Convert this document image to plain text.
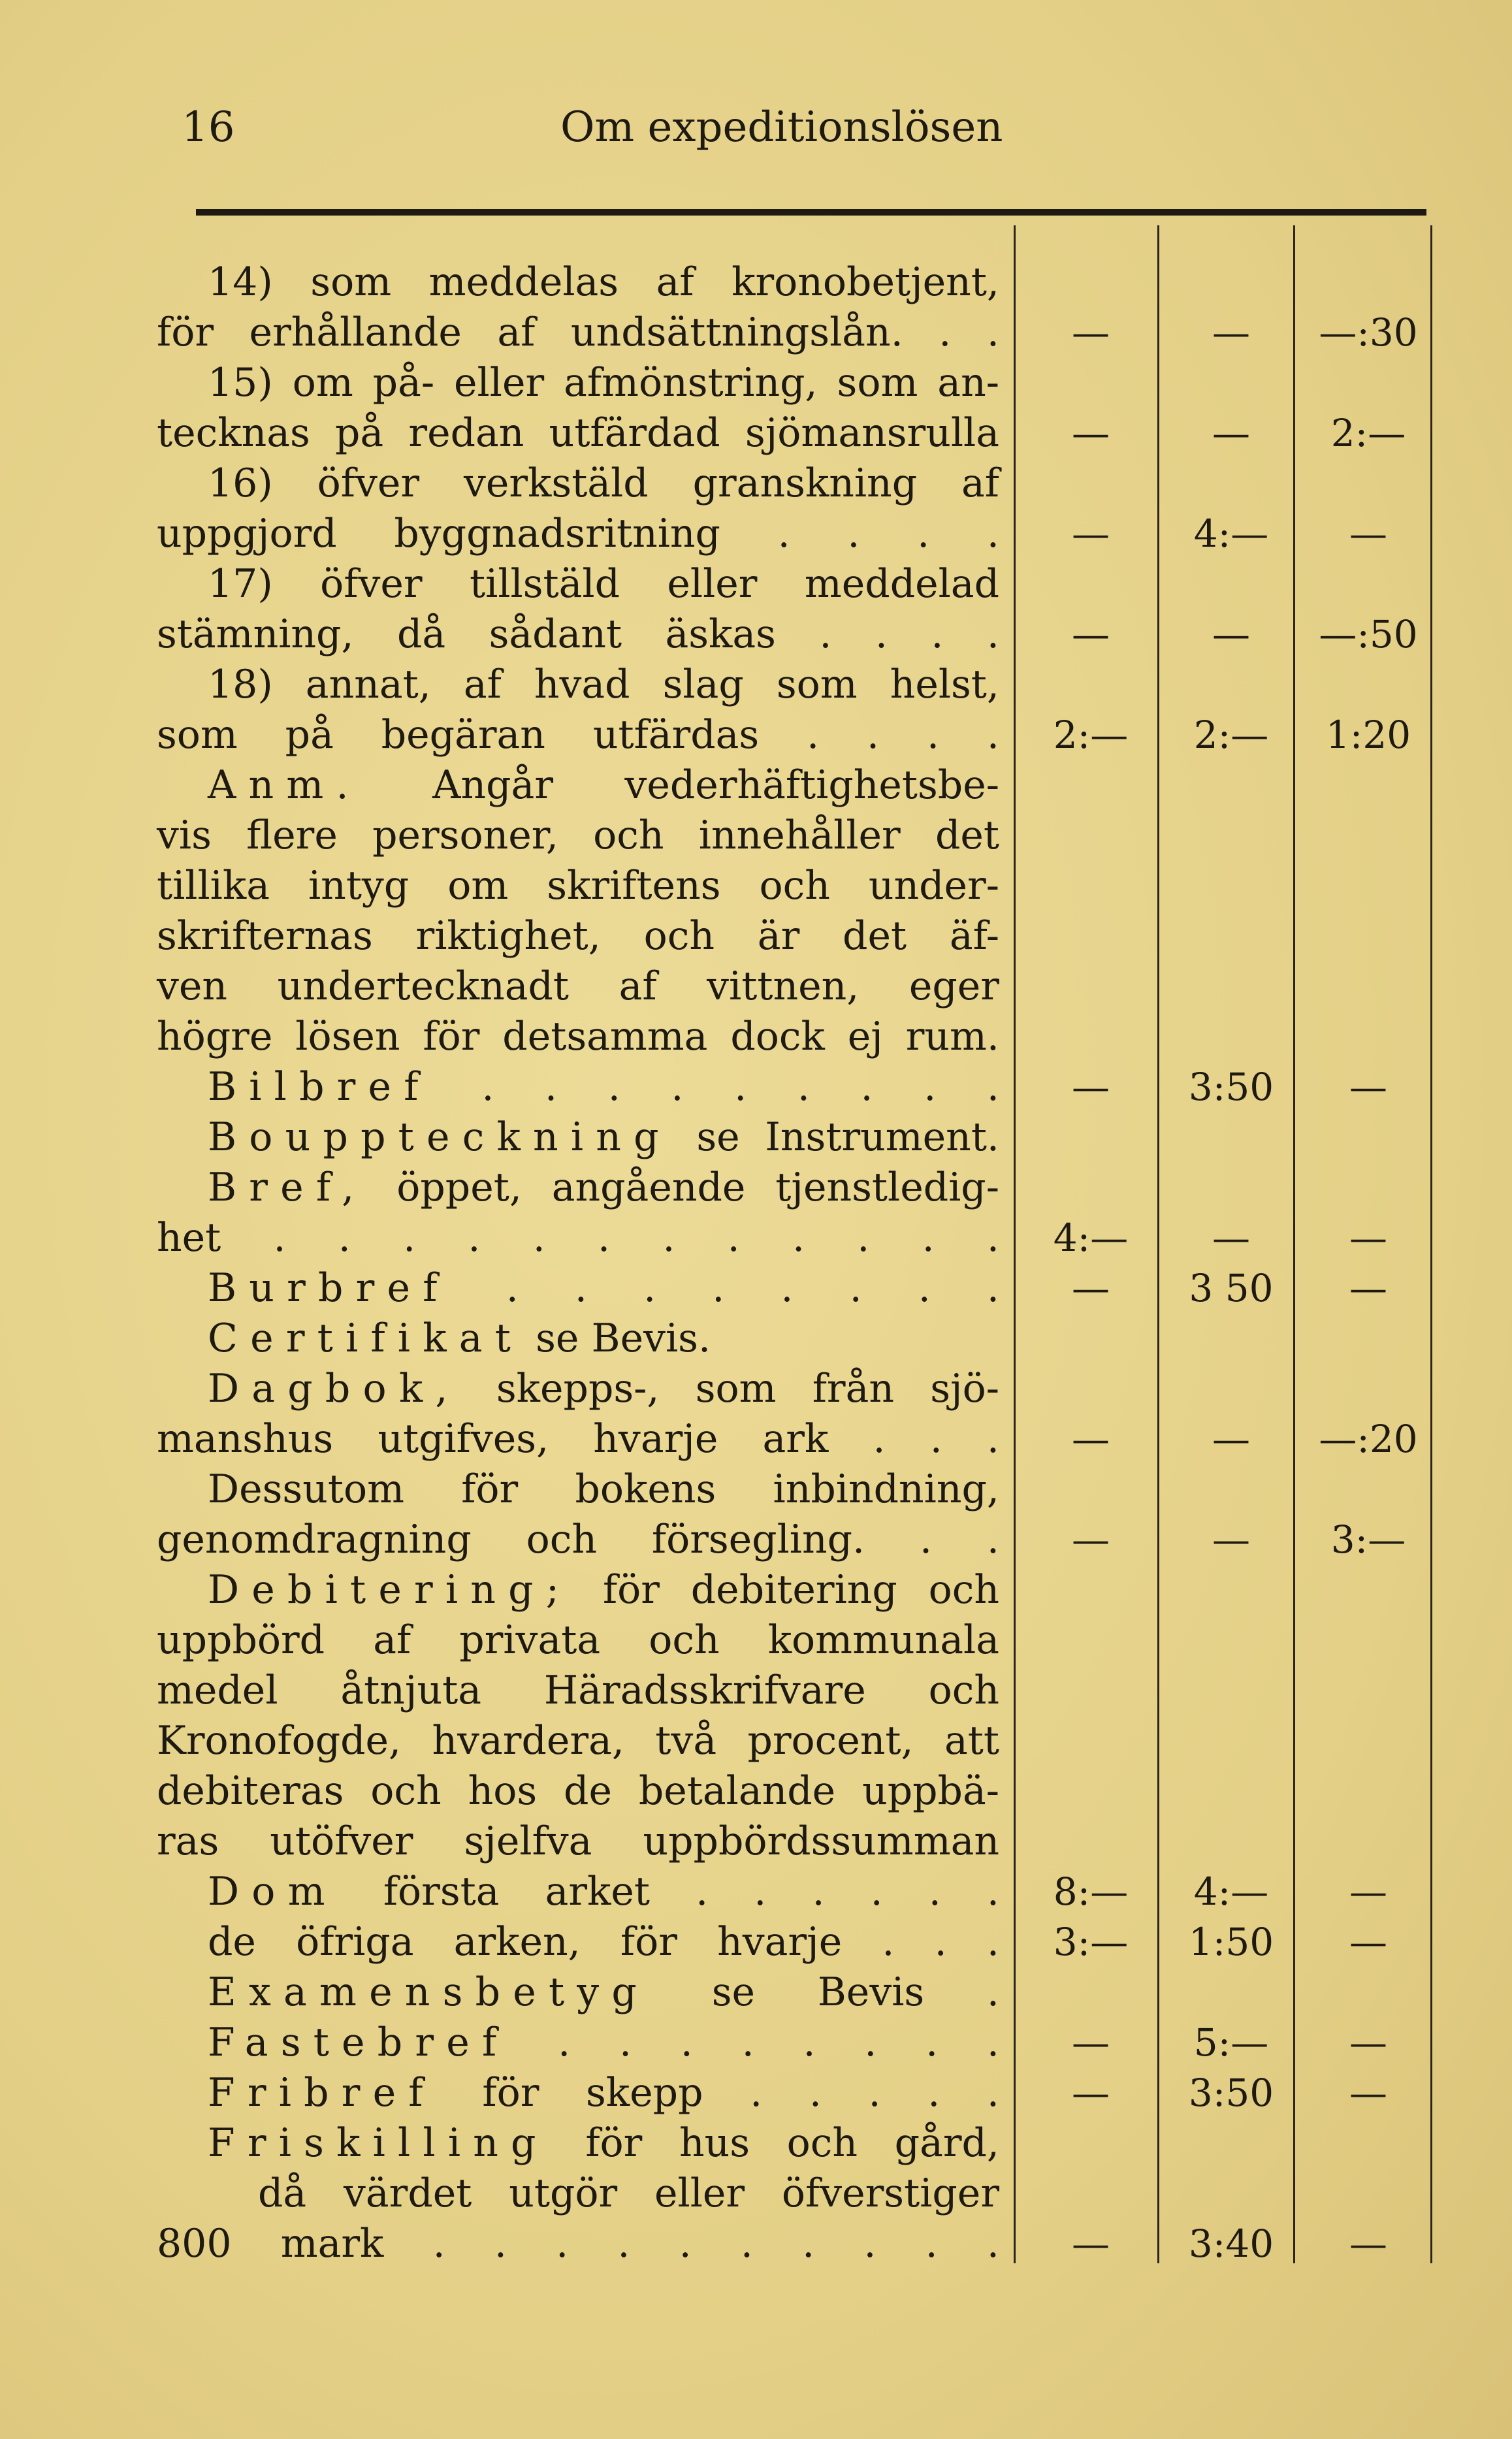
16	Om expeditionslösen
14) som meddelas af kronobetjent,
för erhållande af undsättningslån. . .	—	—	—:30
15) om på- eller afmönstring, som an-
tecknas på redan utfärdad sjömansrulla	—	—	2:—
16) öfver verkstäld granskning af
uppgjord byggnadsritning . . . .	—	4:—	—
17) öfver tillstäld eller meddelad
stämning, då sådant äskas . . . .	—	—	—:50
18) annat, af hvad slag som helst,
som på begäran utfärdas . . . .	2:—	2:—	1:20
Anm. Angår vederhäftighetsbe-
vis flere personer, och innehåller det
tillika intyg om skriftens och under-
skrifternas riktighet, och är det äf-
ven undertecknadt af vittnen, eger
högre lösen för detsamma dock ej rum.
Bilbref . . . . . . . . .	—	3:50	—
Bouppteckning se Instrument.
Bref, öppet, angående tjenstledig-
het . . . . . . . . . . . .	4:—	—	—
Burbref . . . . . . . .	—	3 50	—
Certifikat se Bevis.
Dagbok, skepps-, som från sjö-
manshus utgifves, hvarje ark . . .	—	—	—:20
Dessutom för bokens inbindning,
genomdragning och försegling. . .	—	—	3:—
Debitering; för debitering och
uppbörd af privata och kommunala
medel åtnjuta Häradsskrifvare och
Kronofogde, hvardera, två procent, att
debiteras och hos de betalande uppbä-
ras utöfver sjelfva uppbördssumman
Dom första arket . . . . . .	8:—	4:—	—
de öfriga arken, för hvarje . . .	3:—	1:50	—
Examensbetyg se Bevis .
Fastebref . . . . . . . .	—	5:—	—
Fribref för skepp . . . . .	—	3:50	—
Friskilling för hus och gård,
då värdet utgör eller öfverstiger
800 mark . . . . . . . . . .	—	3:40	—
